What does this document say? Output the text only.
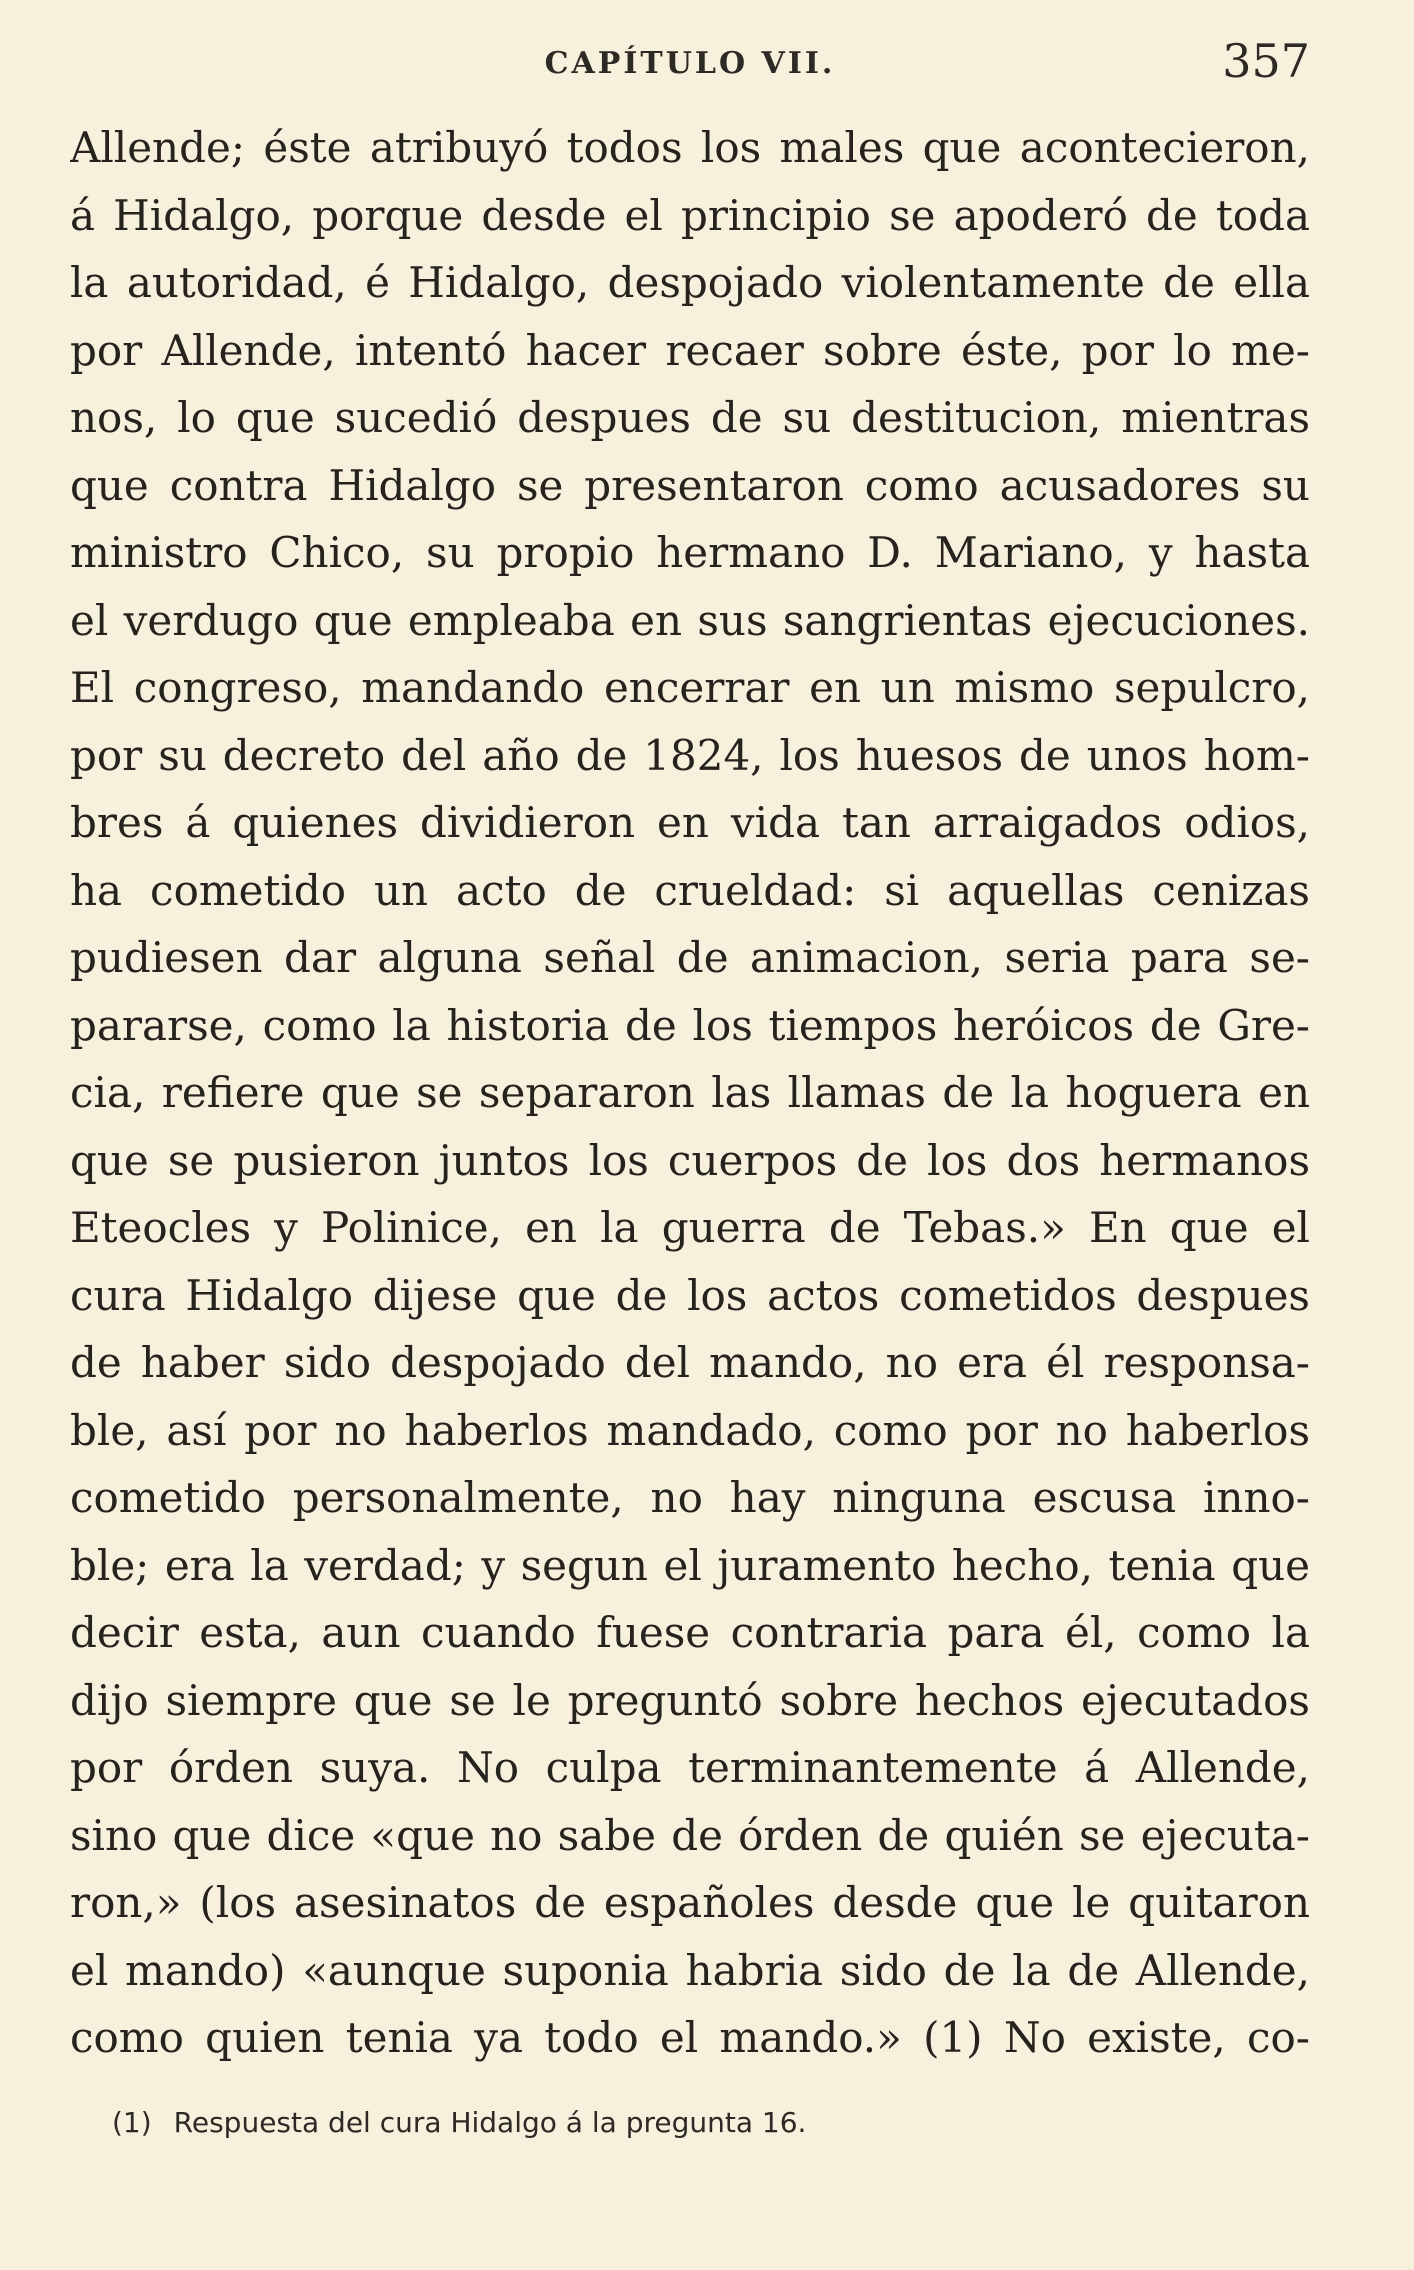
CAPÍTULO VII.	357
Allende; éste atribuyó todos los males que acontecieron,
á Hidalgo, porque desde el principio se apoderó de toda
la autoridad, é Hidalgo, despojado violentamente de ella
por Allende, intentó hacer recaer sobre éste, por lo me-
nos, lo que sucedió despues de su destitucion, mientras
que contra Hidalgo se presentaron como acusadores su
ministro Chico, su propio hermano D. Mariano, y hasta
el verdugo que empleaba en sus sangrientas ejecuciones.
El congreso, mandando encerrar en un mismo sepulcro,
por su decreto del año de 1824, los huesos de unos hom-
bres á quienes dividieron en vida tan arraigados odios,
ha cometido un acto de crueldad: si aquellas cenizas
pudiesen dar alguna señal de animacion, seria para se-
pararse, como la historia de los tiempos heróicos de Gre-
cia, refiere que se separaron las llamas de la hoguera en
que se pusieron juntos los cuerpos de los dos hermanos
Eteocles y Polinice, en la guerra de Tebas.» En que el
cura Hidalgo dijese que de los actos cometidos despues
de haber sido despojado del mando, no era él responsa-
ble, así por no haberlos mandado, como por no haberlos
cometido personalmente, no hay ninguna escusa inno-
ble; era la verdad; y segun el juramento hecho, tenia que
decir esta, aun cuando fuese contraria para él, como la
dijo siempre que se le preguntó sobre hechos ejecutados
por órden suya. No culpa terminantemente á Allende,
sino que dice «que no sabe de órden de quién se ejecuta-
ron,» (los asesinatos de españoles desde que le quitaron
el mando) «aunque suponia habria sido de la de Allende,
como quien tenia ya todo el mando.» (1) No existe, co-
(1) Respuesta del cura Hidalgo á la pregunta 16.
